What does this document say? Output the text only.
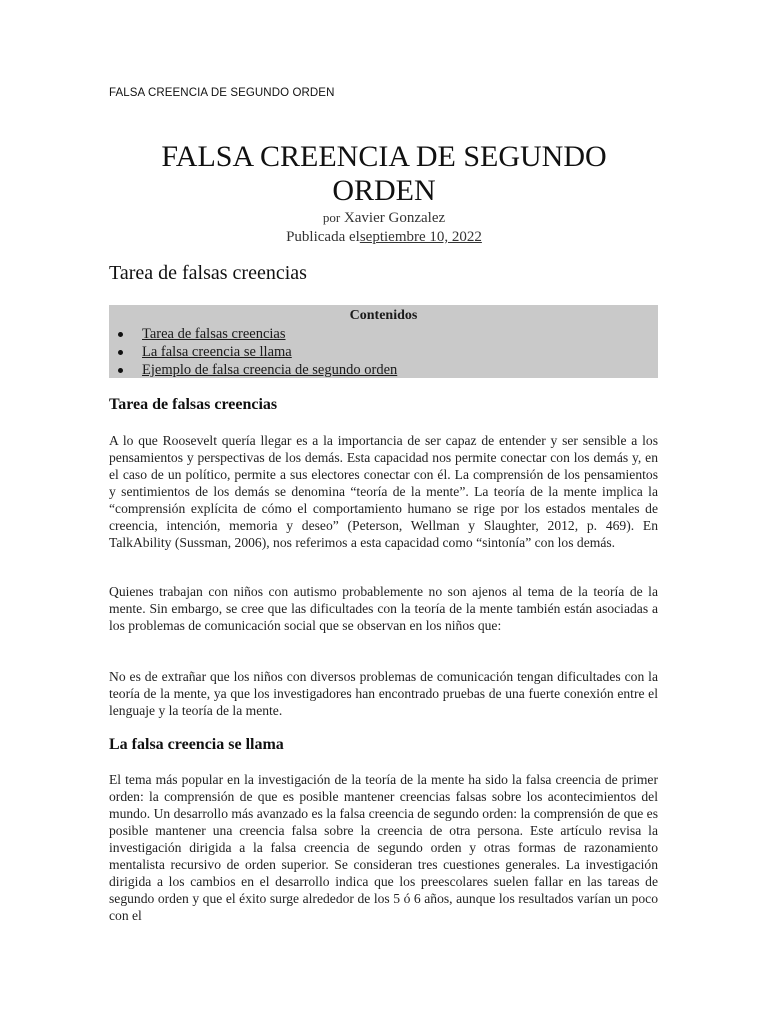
FALSA CREENCIA DE SEGUNDO ORDEN
FALSA CREENCIA DE SEGUNDO ORDEN
por Xavier Gonzalez
Publicada elseptiembre 10, 2022
Tarea de falsas creencias
Contenidos
Tarea de falsas creencias
La falsa creencia se llama
Ejemplo de falsa creencia de segundo orden
Tarea de falsas creencias

A lo que Roosevelt quería llegar es a la importancia de ser capaz de entender y ser sensible a los pensamientos y perspectivas de los demás. Esta capacidad nos permite conectar con los demás y, en el caso de un político, permite a sus electores conectar con él. La comprensión de los pensamientos y sentimientos de los demás se denomina “teoría de la mente”. La teoría de la mente implica la “comprensión explícita de cómo el comportamiento humano se rige por los estados mentales de creencia, intención, memoria y deseo” (Peterson, Wellman y Slaughter, 2012, p. 469). En TalkAbility (Sussman, 2006), nos referimos a esta capacidad como “sintonía” con los demás.

Quienes trabajan con niños con autismo probablemente no son ajenos al tema de la teoría de la mente. Sin embargo, se cree que las dificultades con la teoría de la mente también están asociadas a los problemas de comunicación social que se observan en los niños que:

No es de extrañar que los niños con diversos problemas de comunicación tengan dificultades con la teoría de la mente, ya que los investigadores han encontrado pruebas de una fuerte conexión entre el lenguaje y la teoría de la mente.

La falsa creencia se llama

El tema más popular en la investigación de la teoría de la mente ha sido la falsa creencia de primer orden: la comprensión de que es posible mantener creencias falsas sobre los acontecimientos del mundo. Un desarrollo más avanzado es la falsa creencia de segundo orden: la comprensión de que es posible mantener una creencia falsa sobre la creencia de otra persona. Este artículo revisa la investigación dirigida a la falsa creencia de segundo orden y otras formas de razonamiento mentalista recursivo de orden superior. Se consideran tres cuestiones generales. La investigación dirigida a los cambios en el desarrollo indica que los preescolares suelen fallar en las tareas de segundo orden y que el éxito surge alrededor de los 5 ó 6 años, aunque los resultados varían un poco con el
